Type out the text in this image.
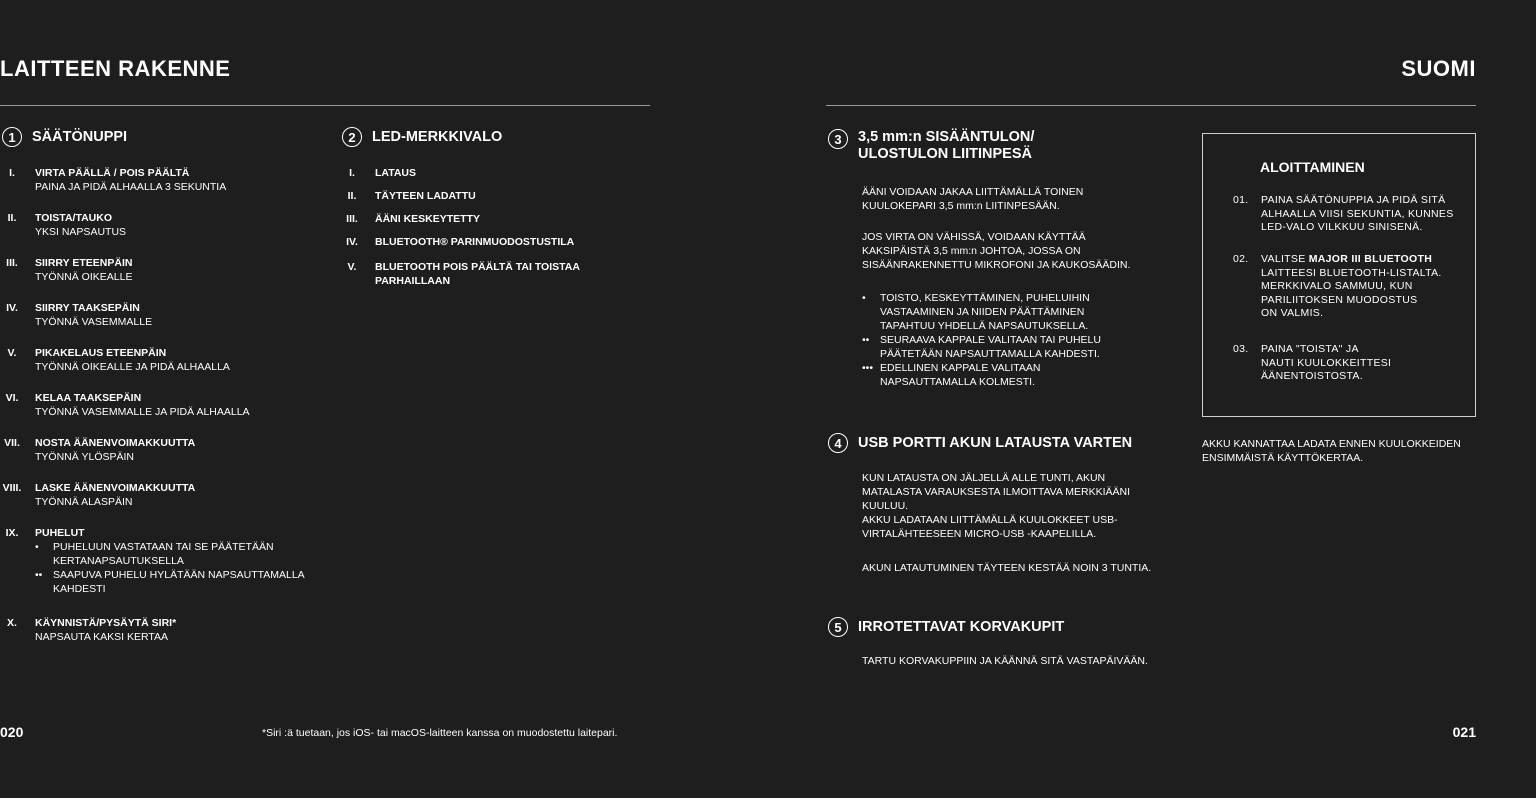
LAITTEEN RAKENNE
1	SÄÄTÖNUPPI
I.	VIRTA PÄÄLLÄ / POIS PÄÄLTÄ
PAINA JA PIDÄ ALHAALLA 3 SEKUNTIA
II.	TOISTA/TAUKO
YKSI NAPSAUTUS
III.	SIIRRY ETEENPÄIN
TYÖNNÄ OIKEALLE
IV.	SIIRRY TAAKSEPÄIN
TYÖNNÄ VASEMMALLE
V.	PIKAKELAUS ETEENPÄIN
TYÖNNÄ OIKEALLE JA PIDÄ ALHAALLA
VI.	KELAA TAAKSEPÄIN
TYÖNNÄ VASEMMALLE JA PIDÄ ALHAALLA
VII.	NOSTA ÄÄNENVOIMAKKUUTTA
TYÖNNÄ YLÖSPÄIN
VIII. LASKE ÄÄNENVOIMAKKUUTTA
TYÖNNÄ ALASPÄIN
IX.	PUHELUT
•	PUHELUUN VASTATAAN TAI SE PÄÄTETÄÄN
KERTANAPSAUTUKSELLA
••	SAAPUVA PUHELU HYLÄTÄÄN NAPSAUTTAMALLA
KAHDESTI
X.	KÄYNNISTÄ/PYSÄYTÄ SIRI*
NAPSAUTA KAKSI KERTAA
2	LED-MERKKIVALO
I.	LATAUS
II.	TÄYTEEN LADATTU
III.	ÄÄNI KESKEYTETTY
IV.	BLUETOOTH® PARINMUODOSTUSTILA
V.	BLUETOOTH POIS PÄÄLTÄ TAI TOISTAA
PARHAILLAAN
020	*Siri :ä tuetaan, jos iOS- tai macOS-laitteen kanssa on muodostettu laitepari.
SUOMI
3	3,5 mm:n SISÄÄNTULON/
ULOSTULON LIITINPESÄ
ÄÄNI VOIDAAN JAKAA LIITTÄMÄLLÄ TOINEN
KUULOKEPARI 3,5 mm:n LIITINPESÄÄN.
JOS VIRTA ON VÄHISSÄ, VOIDAAN KÄYTTÄÄ
KAKSIPÄISTÄ 3,5 mm:n JOHTOA, JOSSA ON
SISÄÄNRAKENNETTU MIKROFONI JA KAUKOSÄÄDIN.
•	TOISTO, KESKEYTTÄMINEN, PUHELUIHIN
VASTAAMINEN JA NIIDEN PÄÄTTÄMINEN
TAPAHTUU YHDELLÄ NAPSAUTUKSELLA.
••	SEURAAVA KAPPALE VALITAAN TAI PUHELU
PÄÄTETÄÄN NAPSAUTTAMALLA KAHDESTI.
••• EDELLINEN KAPPALE VALITAAN
NAPSAUTTAMALLA KOLMESTI.
4	USB PORTTI AKUN LATAUSTA VARTEN
KUN LATAUSTA ON JÄLJELLÄ ALLE TUNTI, AKUN
MATALASTA VARAUKSESTA ILMOITTAVA MERKKIÄÄNI
KUULUU.
AKKU LADATAAN LIITTÄMÄLLÄ KUULOKKEET USB-
VIRTALÄHTEESEEN MICRO-USB -KAAPELILLA.
AKUN LATAUTUMINEN TÄYTEEN KESTÄÄ NOIN 3 TUNTIA.
5	IRROTETTAVAT KORVAKUPIT
TARTU KORVAKUPPIIN JA KÄÄNNÄ SITÄ VASTAPÄIVÄÄN.
ALOITTAMINEN
01. PAINA SÄÄTÖNUPPIA JA PIDÄ SITÄ
ALHAALLA VIISI SEKUNTIA, KUNNES
LED-VALO VILKKUU SINISENÄ.
02. VALITSE MAJOR III BLUETOOTH
LAITTEESI BLUETOOTH-LISTALTA.
MERKKIVALO SAMMUU, KUN
PARILIITOKSEN MUODOSTUS
ON VALMIS.
03. PAINA "TOISTA" JA
NAUTI KUULOKKEITTESI
ÄÄNENTOISTOSTA.
AKKU KANNATTAA LADATA ENNEN KUULOKKEIDEN
ENSIMMÄISTÄ KÄYTTÖKERTAA.
021
